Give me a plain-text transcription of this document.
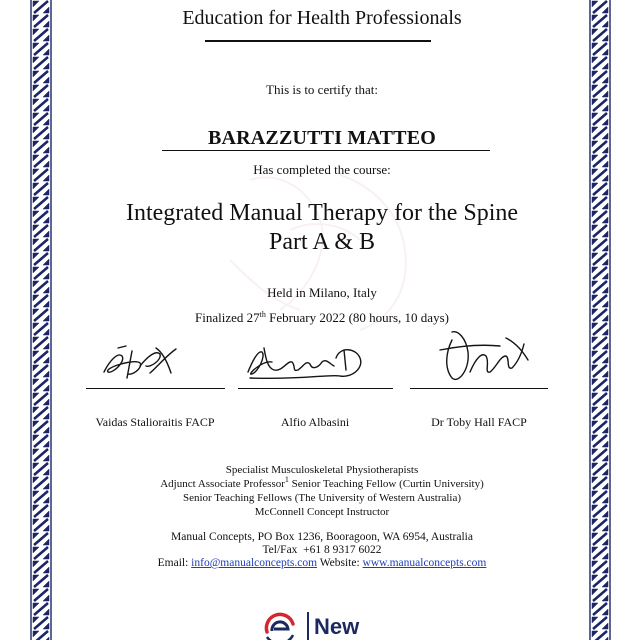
Education for Health Professionals
This is to certify that:
BARAZZUTTI MATTEO
Has completed the course:
Integrated Manual Therapy for the Spine
Part A & B
Held in Milano, Italy
Finalized 27th February 2022 (80 hours, 10 days)
Vaidas Stalioraitis FACP	Alfio Albasini	Dr Toby Hall FACP
Specialist Musculoskeletal Physiotherapists
Adjunct Associate Professor$^1$ Senior Teaching Fellow (Curtin University)
Senior Teaching Fellows (The University of Western Australia)
McConnell Concept Instructor
Manual Concepts, PO Box 1236, Booragoon, WA 6954, Australia
Tel/Fax  +61 8 9317 6022
Email: info@manualconcepts.com Website: www.manualconcepts.com
New
